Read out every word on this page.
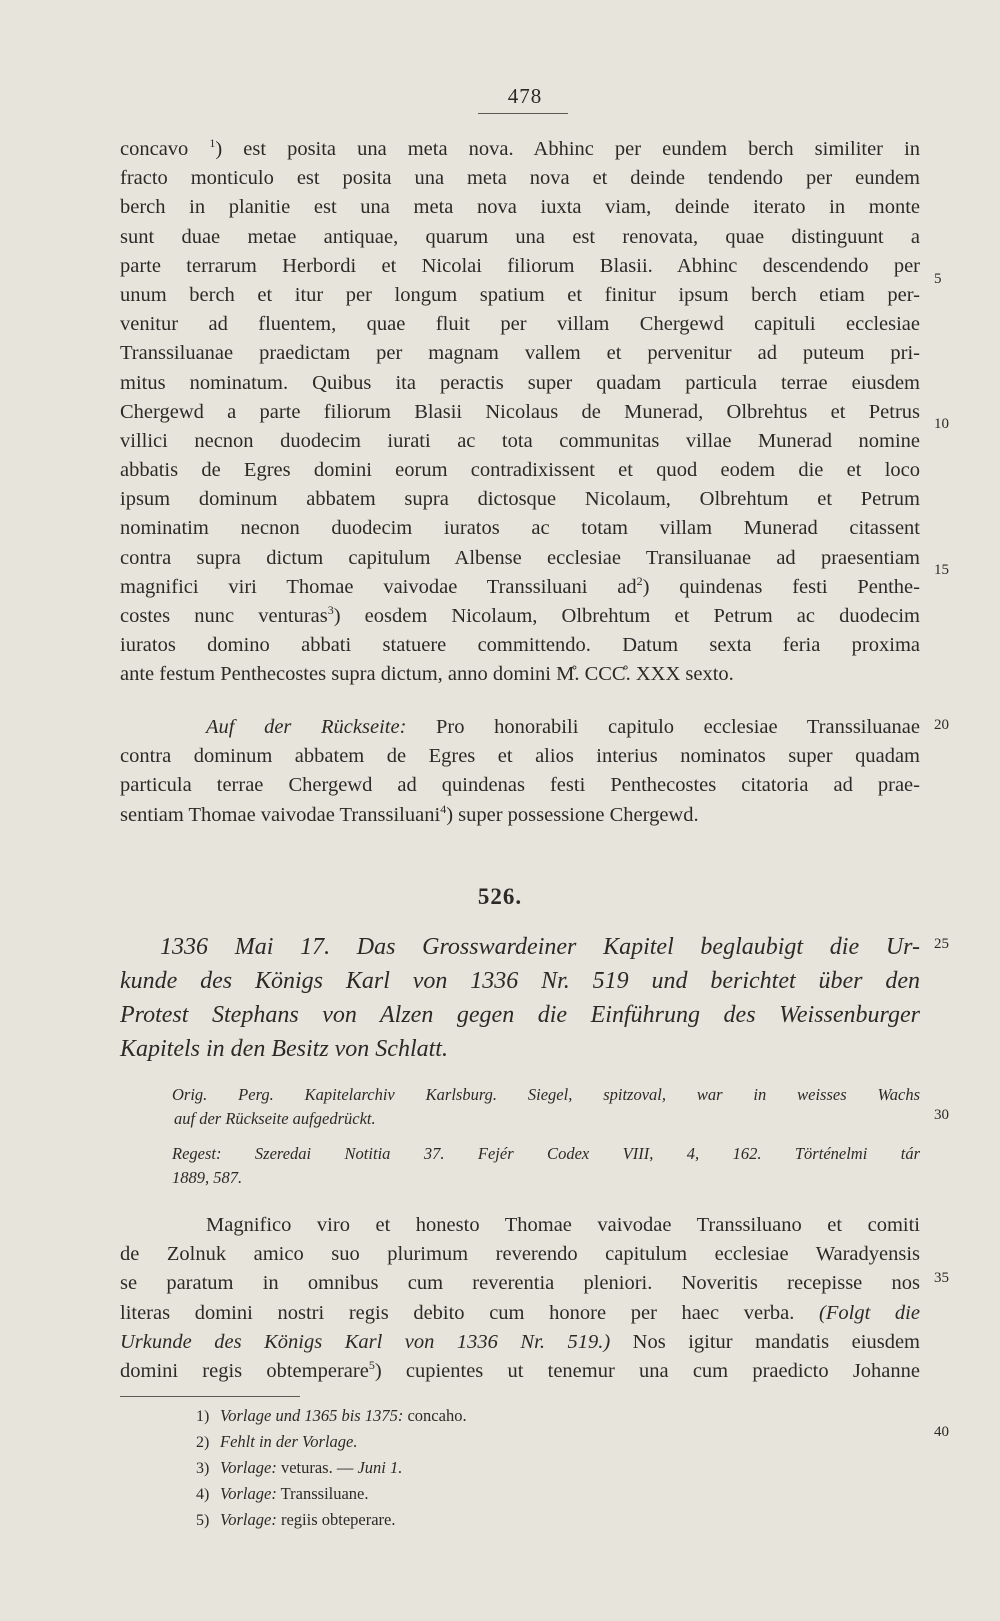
478
concavo $^1$) est posita una meta nova. Abhinc per eundem berch similiter in
fracto monticulo est posita una meta nova et deinde tendendo per eundem
berch in planitie est una meta nova iuxta viam, deinde iterato in monte
sunt duae metae antiquae, quarum una est renovata, quae distinguunt a
parte terrarum Herbordi et Nicolai filiorum Blasii. Abhinc descendendo per
unum berch et itur per longum spatium et finitur ipsum berch etiam per-
venitur ad fluentem, quae fluit per villam Chergewd capituli ecclesiae
Transsiluanae praedictam per magnam vallem et pervenitur ad puteum pri-
mitus nominatum. Quibus ita peractis super quadam particula terrae eiusdem
Chergewd a parte filiorum Blasii Nicolaus de Munerad, Olbrehtus et Petrus
villici necnon duodecim iurati ac tota communitas villae Munerad nomine
abbatis de Egres domini eorum contradixissent et quod eodem die et loco
ipsum dominum abbatem supra dictosque Nicolaum, Olbrehtum et Petrum
nominatim necnon duodecim iuratos ac totam villam Munerad citassent
contra supra dictum capitulum Albense ecclesiae Transiluanae ad praesentiam
magnifici viri Thomae vaivodae Transsiluani $ad^2$) quindenas festi Penthe-
costes nunc venturas$^3$) eosdem Nicolaum, Olbrehtum et Petrum ac duodecim
iuratos domino abbati statuere committendo. Datum sexta feria proxima
ante festum Penthecostes supra dictum, anno domini M̊. CCC̊. XXX sexto.
Auf der Rückseite: Pro honorabili capitulo ecclesiae Transsiluanae
contra dominum abbatem de Egres et alios interius nominatos super quadam
particula terrae Chergewd ad quindenas festi Penthecostes citatoria ad prae-
sentiam Thomae vaivodae Transsiluani$^4$) super possessione Chergewd.
526.
1336 Mai 17. Das Grosswardeiner Kapitel beglaubigt die Ur-
kunde des Königs Karl von 1336 Nr. 519 und berichtet über den
Protest Stephans von Alzen gegen die Einführung des Weissenburger
Kapitels in den Besitz von Schlatt.
Orig. Perg. Kapitelarchiv Karlsburg. Siegel, spitzoval, war in weisses Wachs
auf der Rückseite aufgedrückt.
Regest: Szeredai Notitia 37. Fejér Codex VIII, 4, 162. Történelmi tár
1889, 587.
Magnifico viro et honesto Thomae vaivodae Transsiluano et comiti
de Zolnuk amico suo plurimum reverendo capitulum ecclesiae Waradyensis
se paratum in omnibus cum reverentia pleniori. Noveritis recepisse nos
literas domini nostri regis debito cum honore per haec verba. (Folgt die
Urkunde des Königs Karl von 1336 Nr. 519.) Nos igitur mandatis eiusdem
domini regis obtemperare$^5$) cupientes ut tenemur una cum praedicto Johanne
1) Vorlage und 1365 bis 1375: concaho.
2) Fehlt in der Vorlage.
3) Vorlage: veturas. — Juni 1.
4) Vorlage: Transsiluane.
5) Vorlage: regiis obteperare.
5
10
15
20
25
30
35
40
